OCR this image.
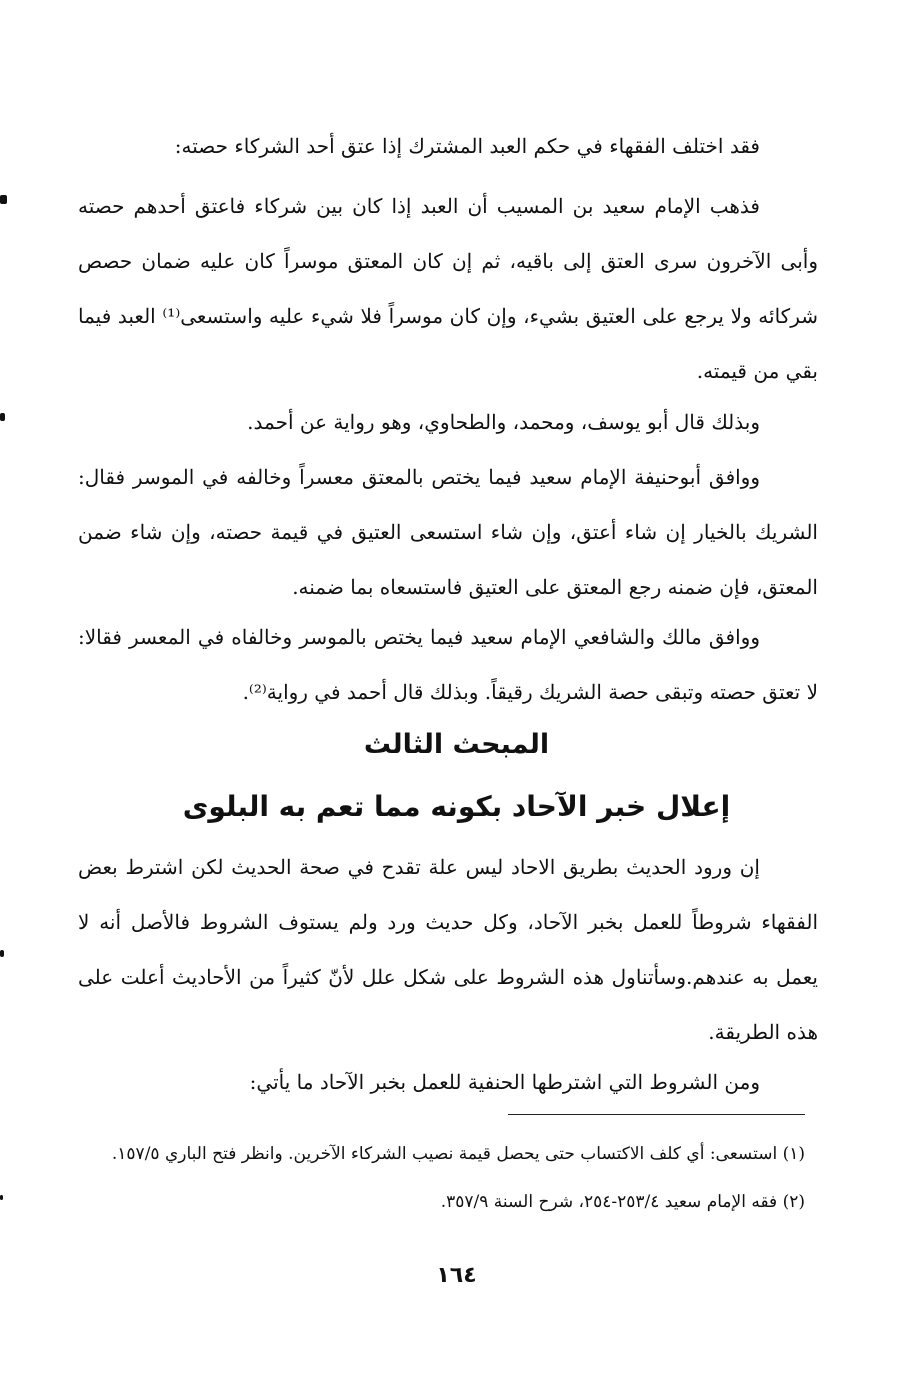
فقد اختلف الفقهاء في حكم العبد المشترك إذا عتق أحد الشركاء حصته:

فذهب الإمام سعيد بن المسيب أن العبد إذا كان بين شركاء فاعتق أحدهم حصته وأبى الآخرون سرى العتق إلى باقيه، ثم إن كان المعتق موسراً كان عليه ضمان حصص شركائه ولا يرجع على العتيق بشيء، وإن كان موسراً فلا شيء عليه واستسعى⁽¹⁾ العبد فيما بقي من قيمته.

وبذلك قال أبو يوسف، ومحمد، والطحاوي، وهو رواية عن أحمد.

ووافق أبوحنيفة الإمام سعيد فيما يختص بالمعتق معسراً وخالفه في الموسر فقال: الشريك بالخيار إن شاء أعتق، وإن شاء استسعى العتيق في قيمة حصته، وإن شاء ضمن المعتق، فإن ضمنه رجع المعتق على العتيق فاستسعاه بما ضمنه.

ووافق مالك والشافعي الإمام سعيد فيما يختص بالموسر وخالفاه في المعسر فقالا: لا تعتق حصته وتبقى حصة الشريك رقيقاً. وبذلك قال أحمد في رواية⁽²⁾.

المبحث الثالث
إعلال خبر الآحاد بكونه مما تعم به البلوى

إن ورود الحديث بطريق الاحاد ليس علة تقدح في صحة الحديث لكن اشترط بعض الفقهاء شروطاً للعمل بخبر الآحاد، وكل حديث ورد ولم يستوف الشروط فالأصل أنه لا يعمل به عندهم.وسأتناول هذه الشروط على شكل علل لأنّ كثيراً من الأحاديث أعلت على هذه الطريقة.

ومن الشروط التي اشترطها الحنفية للعمل بخبر الآحاد ما يأتي:

(١) استسعى: أي كلف الاكتساب حتى يحصل قيمة نصيب الشركاء الآخرين. وانظر فتح الباري ١٥٧/٥.

(٢) فقه الإمام سعيد ٢٥٣/٤-٢٥٤، شرح السنة ٣٥٧/٩.

١٦٤
